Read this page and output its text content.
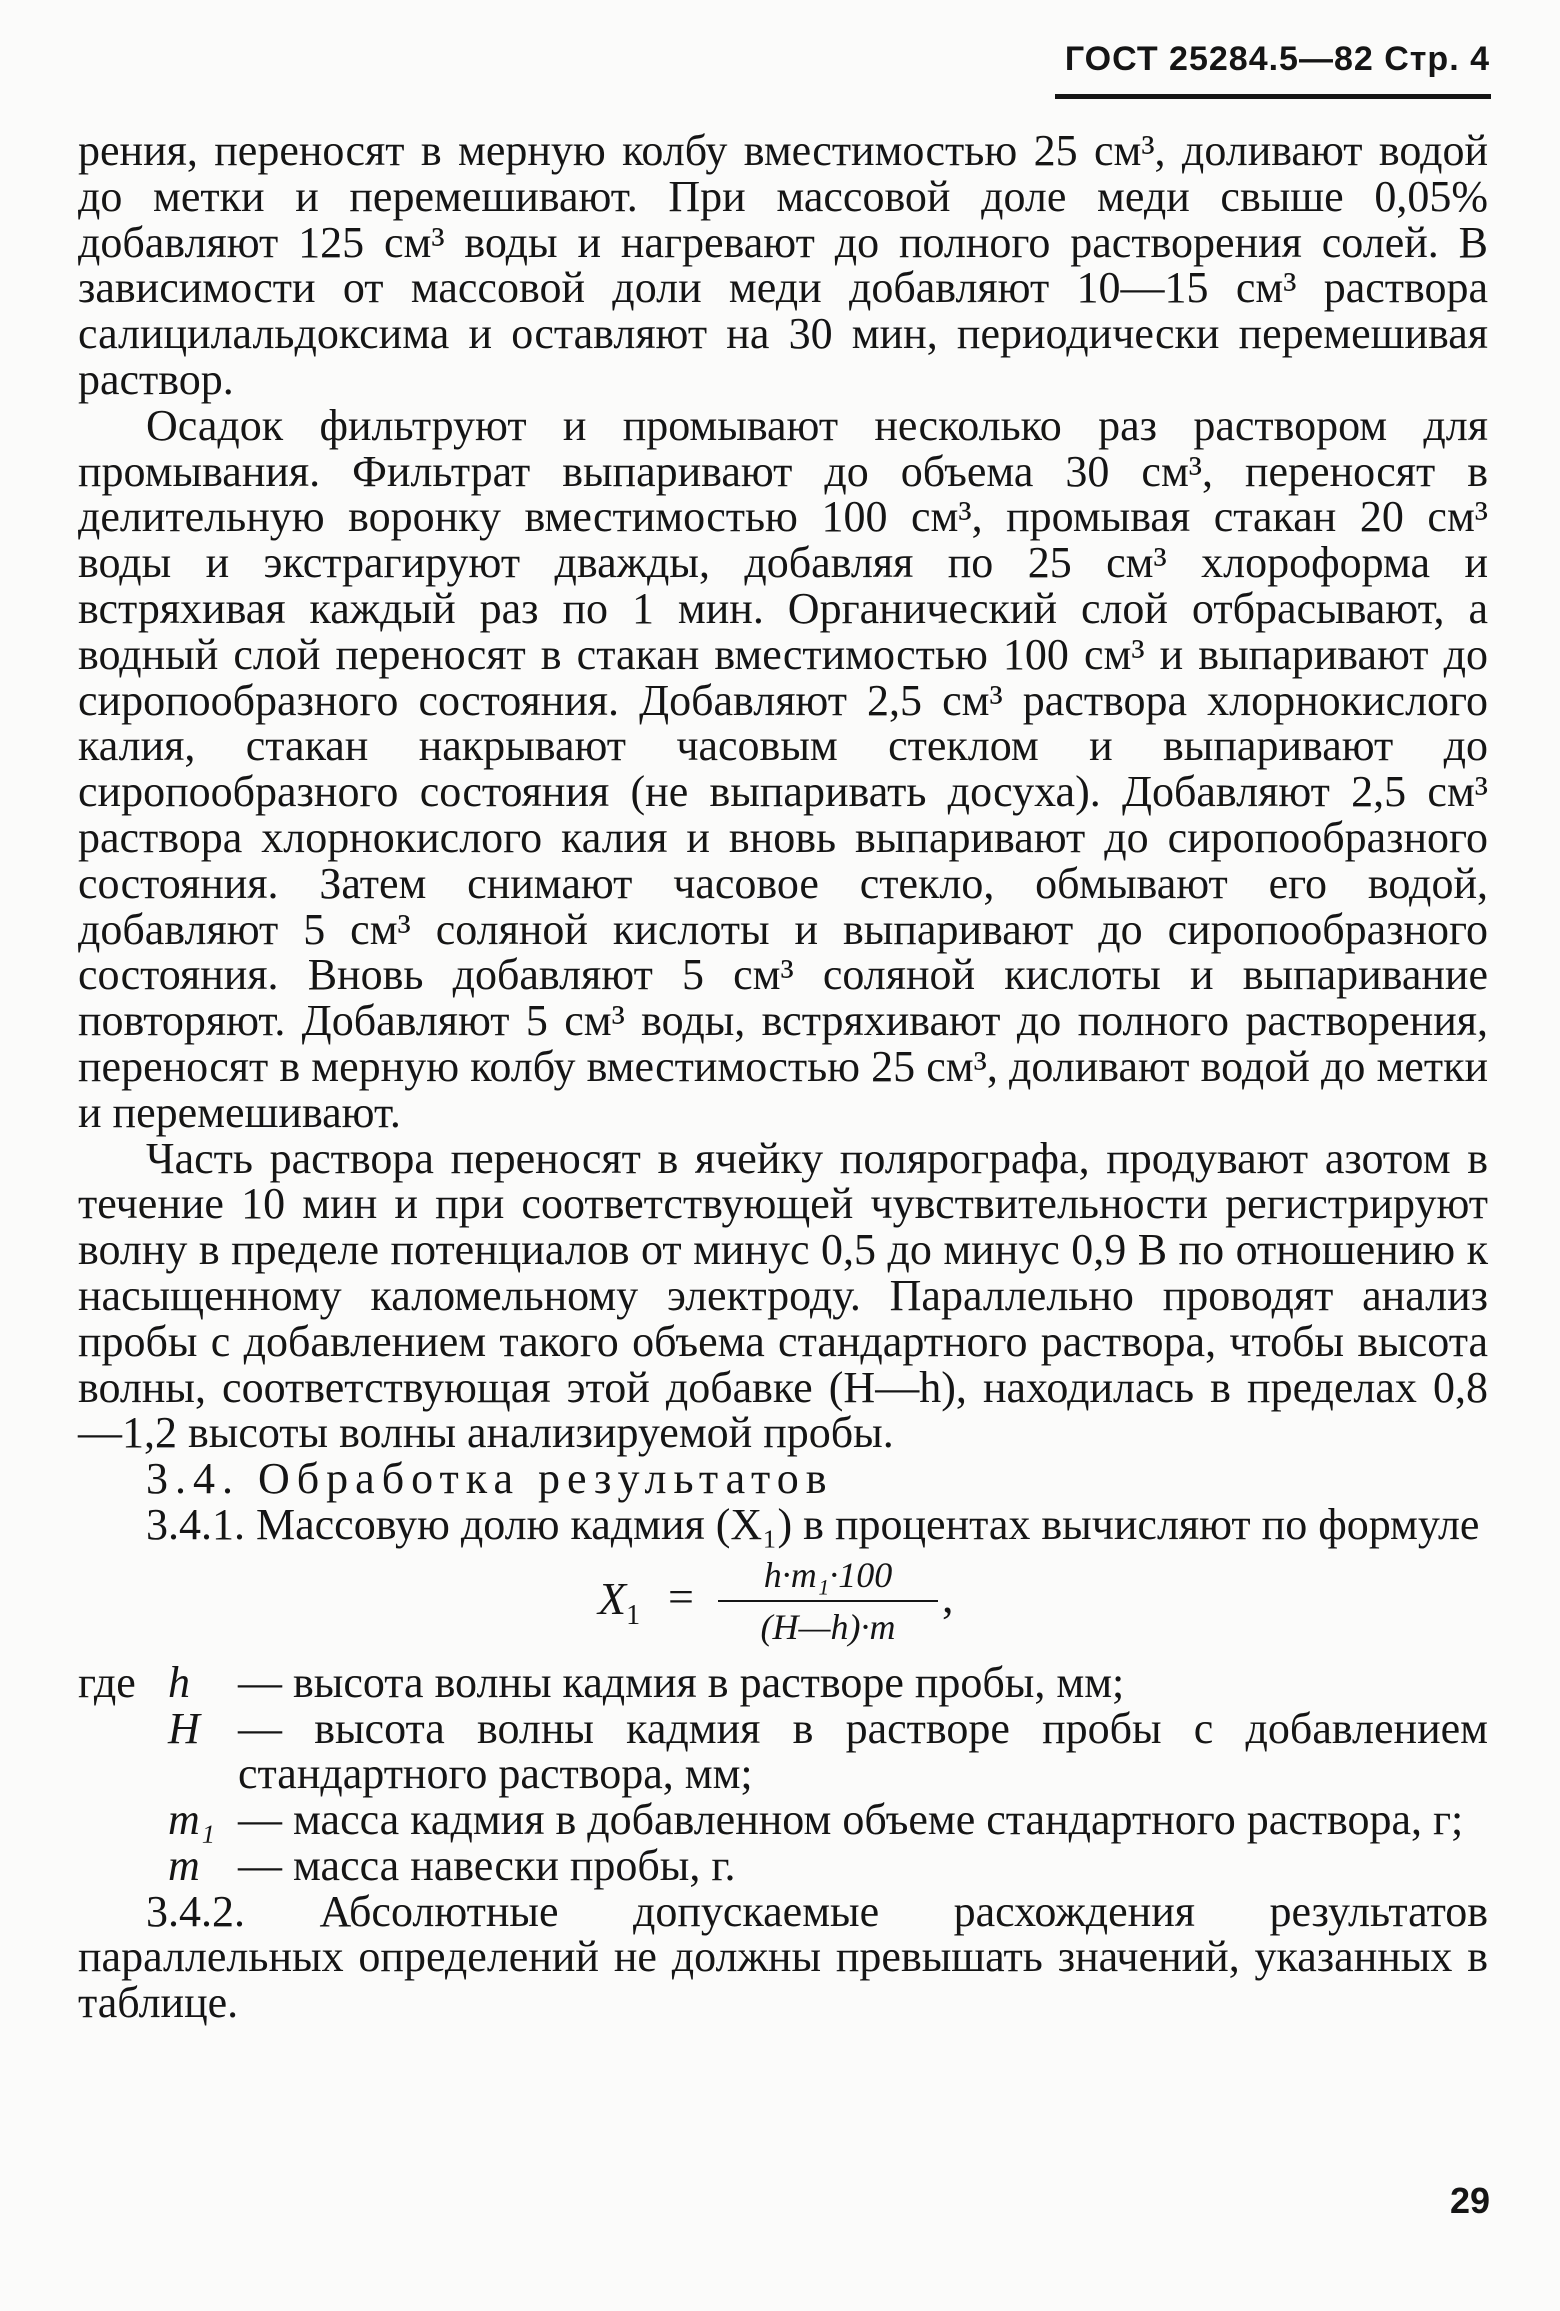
ГОСТ 25284.5—82 Стр. 4

рения, переносят в мерную колбу вместимостью 25 см³, доливают водой до метки и перемешивают. При массовой доле меди свыше 0,05% добавляют 125 см³ воды и нагревают до полного растворения солей. В зависимости от массовой доли меди добавляют 10—15 см³ раствора салицилальдоксима и оставляют на 30 мин, периодически перемешивая раствор.

Осадок фильтруют и промывают несколько раз раствором для промывания. Фильтрат выпаривают до объема 30 см³, переносят в делительную воронку вместимостью 100 см³, промывая стакан 20 см³ воды и экстрагируют дважды, добавляя по 25 см³ хлороформа и встряхивая каждый раз по 1 мин. Органический слой отбрасывают, а водный слой переносят в стакан вместимостью 100 см³ и выпаривают до сиропообразного состояния. Добавляют 2,5 см³ раствора хлорнокислого калия, стакан накрывают часовым стеклом и выпаривают до сиропообразного состояния (не выпаривать досуха). Добавляют 2,5 см³ раствора хлорнокислого калия и вновь выпаривают до сиропообразного состояния. Затем снимают часовое стекло, обмывают его водой, добавляют 5 см³ соляной кислоты и выпаривают до сиропообразного состояния. Вновь добавляют 5 см³ соляной кислоты и выпаривание повторяют. Добавляют 5 см³ воды, встряхивают до полного растворения, переносят в мерную колбу вместимостью 25 см³, доливают водой до метки и перемешивают.

Часть раствора переносят в ячейку полярографа, продувают азотом в течение 10 мин и при соответствующей чувствительности регистрируют волну в пределе потенциалов от минус 0,5 до минус 0,9 В по отношению к насыщенному каломельному электроду. Параллельно проводят анализ пробы с добавлением такого объема стандартного раствора, чтобы высота волны, соответствующая этой добавке (H—h), находилась в пределах 0,8—1,2 высоты волны анализируемой пробы.

3.4. Обработка результатов

3.4.1. Массовую долю кадмия (X₁) в процентах вычисляют по формуле

$X_1$ =	h·m₁·100
(H—h)·m
,
где h	— высота волны кадмия в растворе пробы, мм;
H — высота волны кадмия в растворе пробы с добавлением стандартного раствора, мм;
m₁ — масса кадмия в добавленном объеме стандартного раствора, г;
m — масса навески пробы, г.

3.4.2. Абсолютные допускаемые расхождения результатов параллельных определений не должны превышать значений, указанных в таблице.

29
